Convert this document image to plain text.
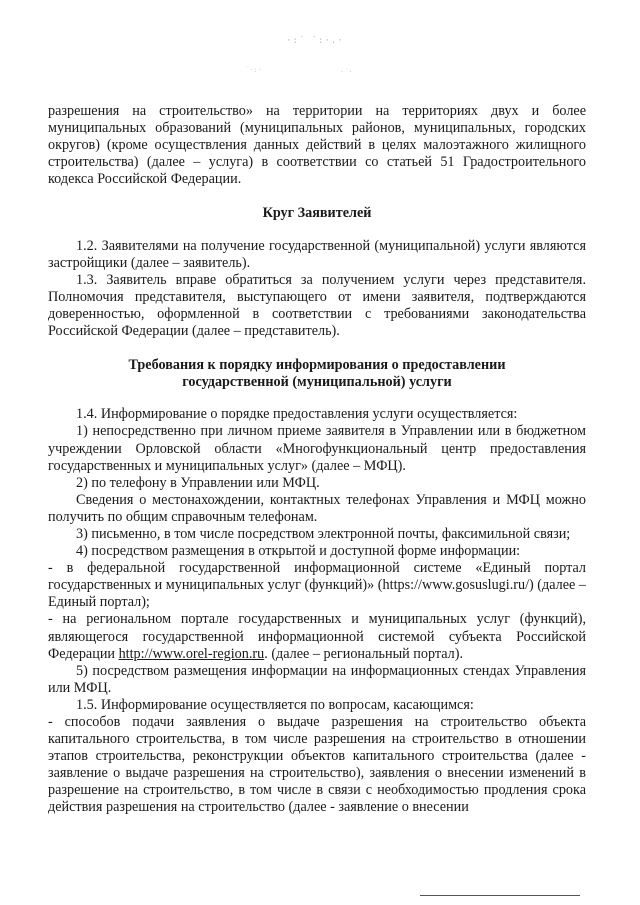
·:˙ ˙:·.·
˙·:·	·˙·

разрешения на строительство» на территории на территориях двух и более муниципальных образований (муниципальных районов, муниципальных, городских округов) (кроме осуществления данных действий в целях малоэтажного жилищного строительства) (далее – услуга) в соответствии со статьей 51 Градостроительного кодекса Российской Федерации.

Круг Заявителей

1.2. Заявителями на получение государственной (муниципальной) услуги являются застройщики (далее – заявитель).

1.3. Заявитель вправе обратиться за получением услуги через представителя. Полномочия представителя, выступающего от имени заявителя, подтверждаются доверенностью, оформленной в соответствии с требованиями законодательства Российской Федерации (далее – представитель).

Требования к порядку информирования о предоставлении
государственной (муниципальной) услуги

1.4. Информирование о порядке предоставления услуги осуществляется:

1) непосредственно при личном приеме заявителя в Управлении или в бюджетном учреждении Орловской области «Многофункциональный центр предоставления государственных и муниципальных услуг» (далее – МФЦ).

2) по телефону в Управлении или МФЦ.

Сведения о местонахождении, контактных телефонах Управления и МФЦ можно получить по общим справочным телефонам.

3) письменно, в том числе посредством электронной почты, факсимильной связи;

4) посредством размещения в открытой и доступной форме информации:

- в федеральной государственной информационной системе «Единый портал государственных и муниципальных услуг (функций)» (https://www.gosuslugi.ru/) (далее – Единый портал);

- на региональном портале государственных и муниципальных услуг (функций), являющегося государственной информационной системой субъекта Российской Федерации http://www.orel-region.ru. (далее – региональный портал).

5) посредством размещения информации на информационных стендах Управления или МФЦ.

1.5. Информирование осуществляется по вопросам, касающимся:

- способов подачи заявления о выдаче разрешения на строительство объекта капитального строительства, в том числе разрешения на строительство в отношении этапов строительства, реконструкции объектов капитального строительства (далее - заявление о выдаче разрешения на строительство), заявления о внесении изменений в разрешение на строительство, в том числе в связи с необходимостью продления срока действия разрешения на строительство (далее - заявление о внесении
